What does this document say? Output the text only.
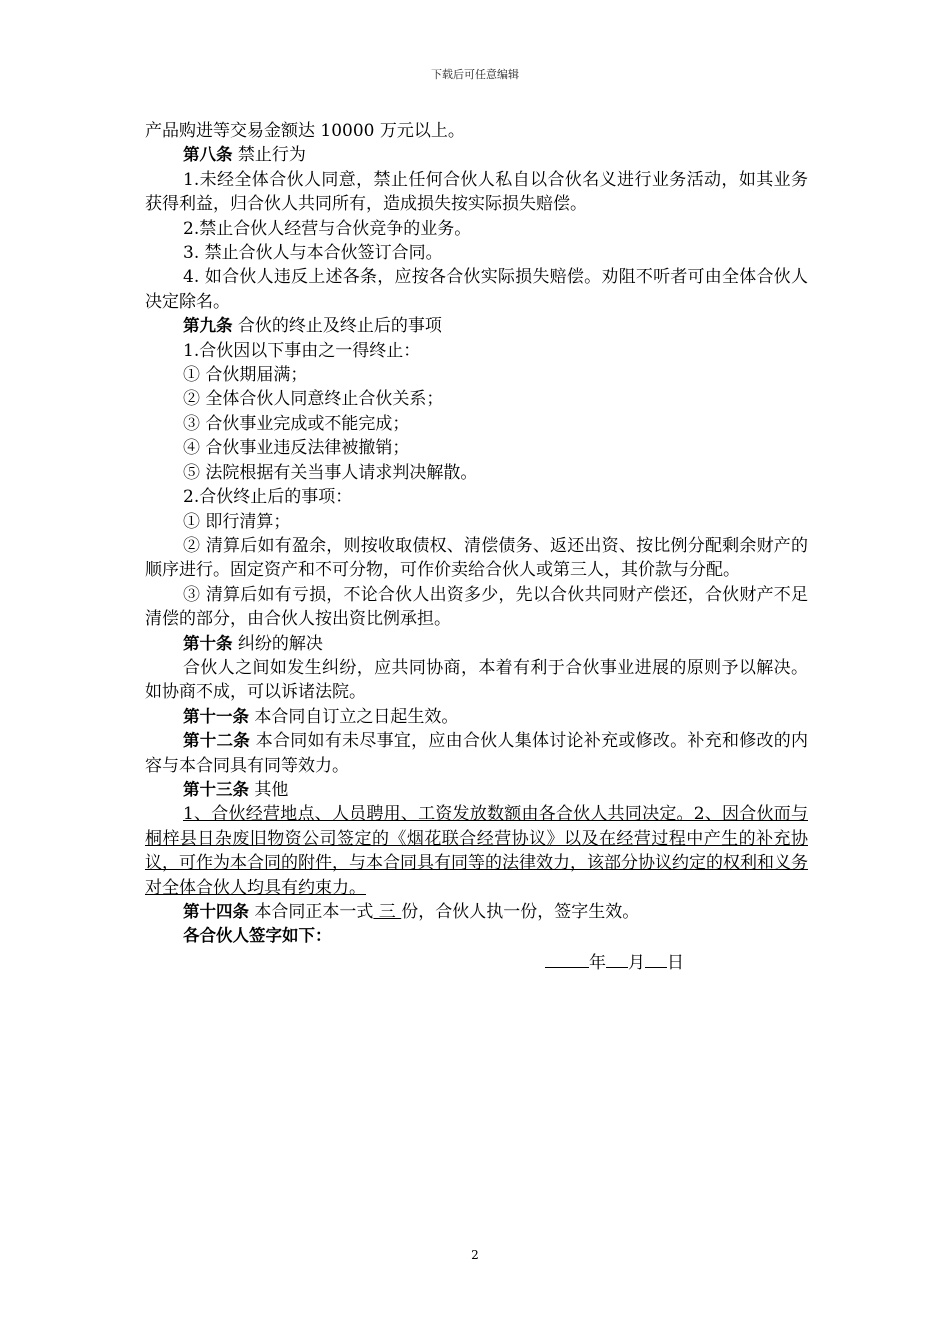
下载后可任意编辑

产品购进等交易金额达 10000 万元以上。

第八条 禁止行为

1.未经全体合伙人同意，禁止任何合伙人私自以合伙名义进行业务活动，如其业务获得利益，归合伙人共同所有，造成损失按实际损失赔偿。

2.禁止合伙人经营与合伙竞争的业务。

3. 禁止合伙人与本合伙签订合同。

4. 如合伙人违反上述各条，应按各合伙实际损失赔偿。劝阻不听者可由全体合伙人决定除名。

第九条 合伙的终止及终止后的事项

1.合伙因以下事由之一得终止：

① 合伙期届满；

② 全体合伙人同意终止合伙关系；

③ 合伙事业完成或不能完成；

④ 合伙事业违反法律被撤销；

⑤ 法院根据有关当事人请求判决解散。

2.合伙终止后的事项：

① 即行清算；

② 清算后如有盈余，则按收取债权、清偿债务、返还出资、按比例分配剩余财产的顺序进行。固定资产和不可分物，可作价卖给合伙人或第三人，其价款与分配。

③ 清算后如有亏损，不论合伙人出资多少，先以合伙共同财产偿还，合伙财产不足清偿的部分，由合伙人按出资比例承担。

第十条 纠纷的解决

合伙人之间如发生纠纷，应共同协商，本着有利于合伙事业进展的原则予以解决。如协商不成，可以诉诸法院。

第十一条 本合同自订立之日起生效。

第十二条 本合同如有未尽事宜，应由合伙人集体讨论补充或修改。补充和修改的内容与本合同具有同等效力。

第十三条 其他

1、合伙经营地点、人员聘用、工资发放数额由各合伙人共同决定。2、因合伙而与桐梓县日杂废旧物资公司签定的《烟花联合经营协议》以及在经营过程中产生的补充协议，可作为本合同的附件，与本合同具有同等的法律效力，该部分协议约定的权利和义务对全体合伙人均具有约束力。

第十四条 本合同正本一式 三 份，合伙人执一份，签字生效。

各合伙人签字如下：

年 月 日

2
